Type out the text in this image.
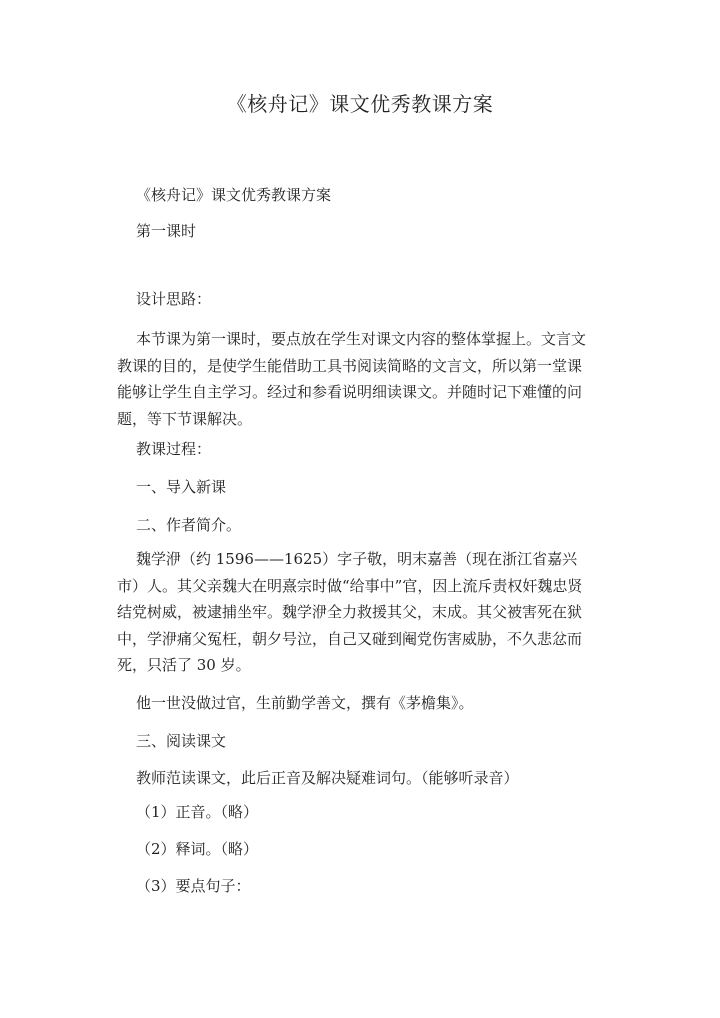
《核舟记》课文优秀教课方案
《核舟记》课文优秀教课方案
第一课时
设计思路：
本节课为第一课时，要点放在学生对课文内容的整体掌握上。文言文教课的目的，是使学生能借助工具书阅读简略的文言文，所以第一堂课能够让学生自主学习。经过和参看说明细读课文。并随时记下难懂的问题，等下节课解决。
教课过程：
一、导入新课
二、作者简介。
魏学洢（约 1596——1625）字子敬，明末嘉善（现在浙江省嘉兴市）人。其父亲魏大在明熹宗时做“给事中”官，因上流斥责权奸魏忠贤结党树威，被逮捕坐牢。魏学洢全力救援其父，末成。其父被害死在狱中，学洢痛父冤枉，朝夕号泣，自己又碰到阉党伤害威胁，不久悲忿而死，只活了 30 岁。
他一世没做过官，生前勤学善文，撰有《茅檐集》。
三、阅读课文
教师范读课文，此后正音及解决疑难词句。（能够听录音）
（1）正音。（略）
（2）释词。（略）
（3）要点句子：
